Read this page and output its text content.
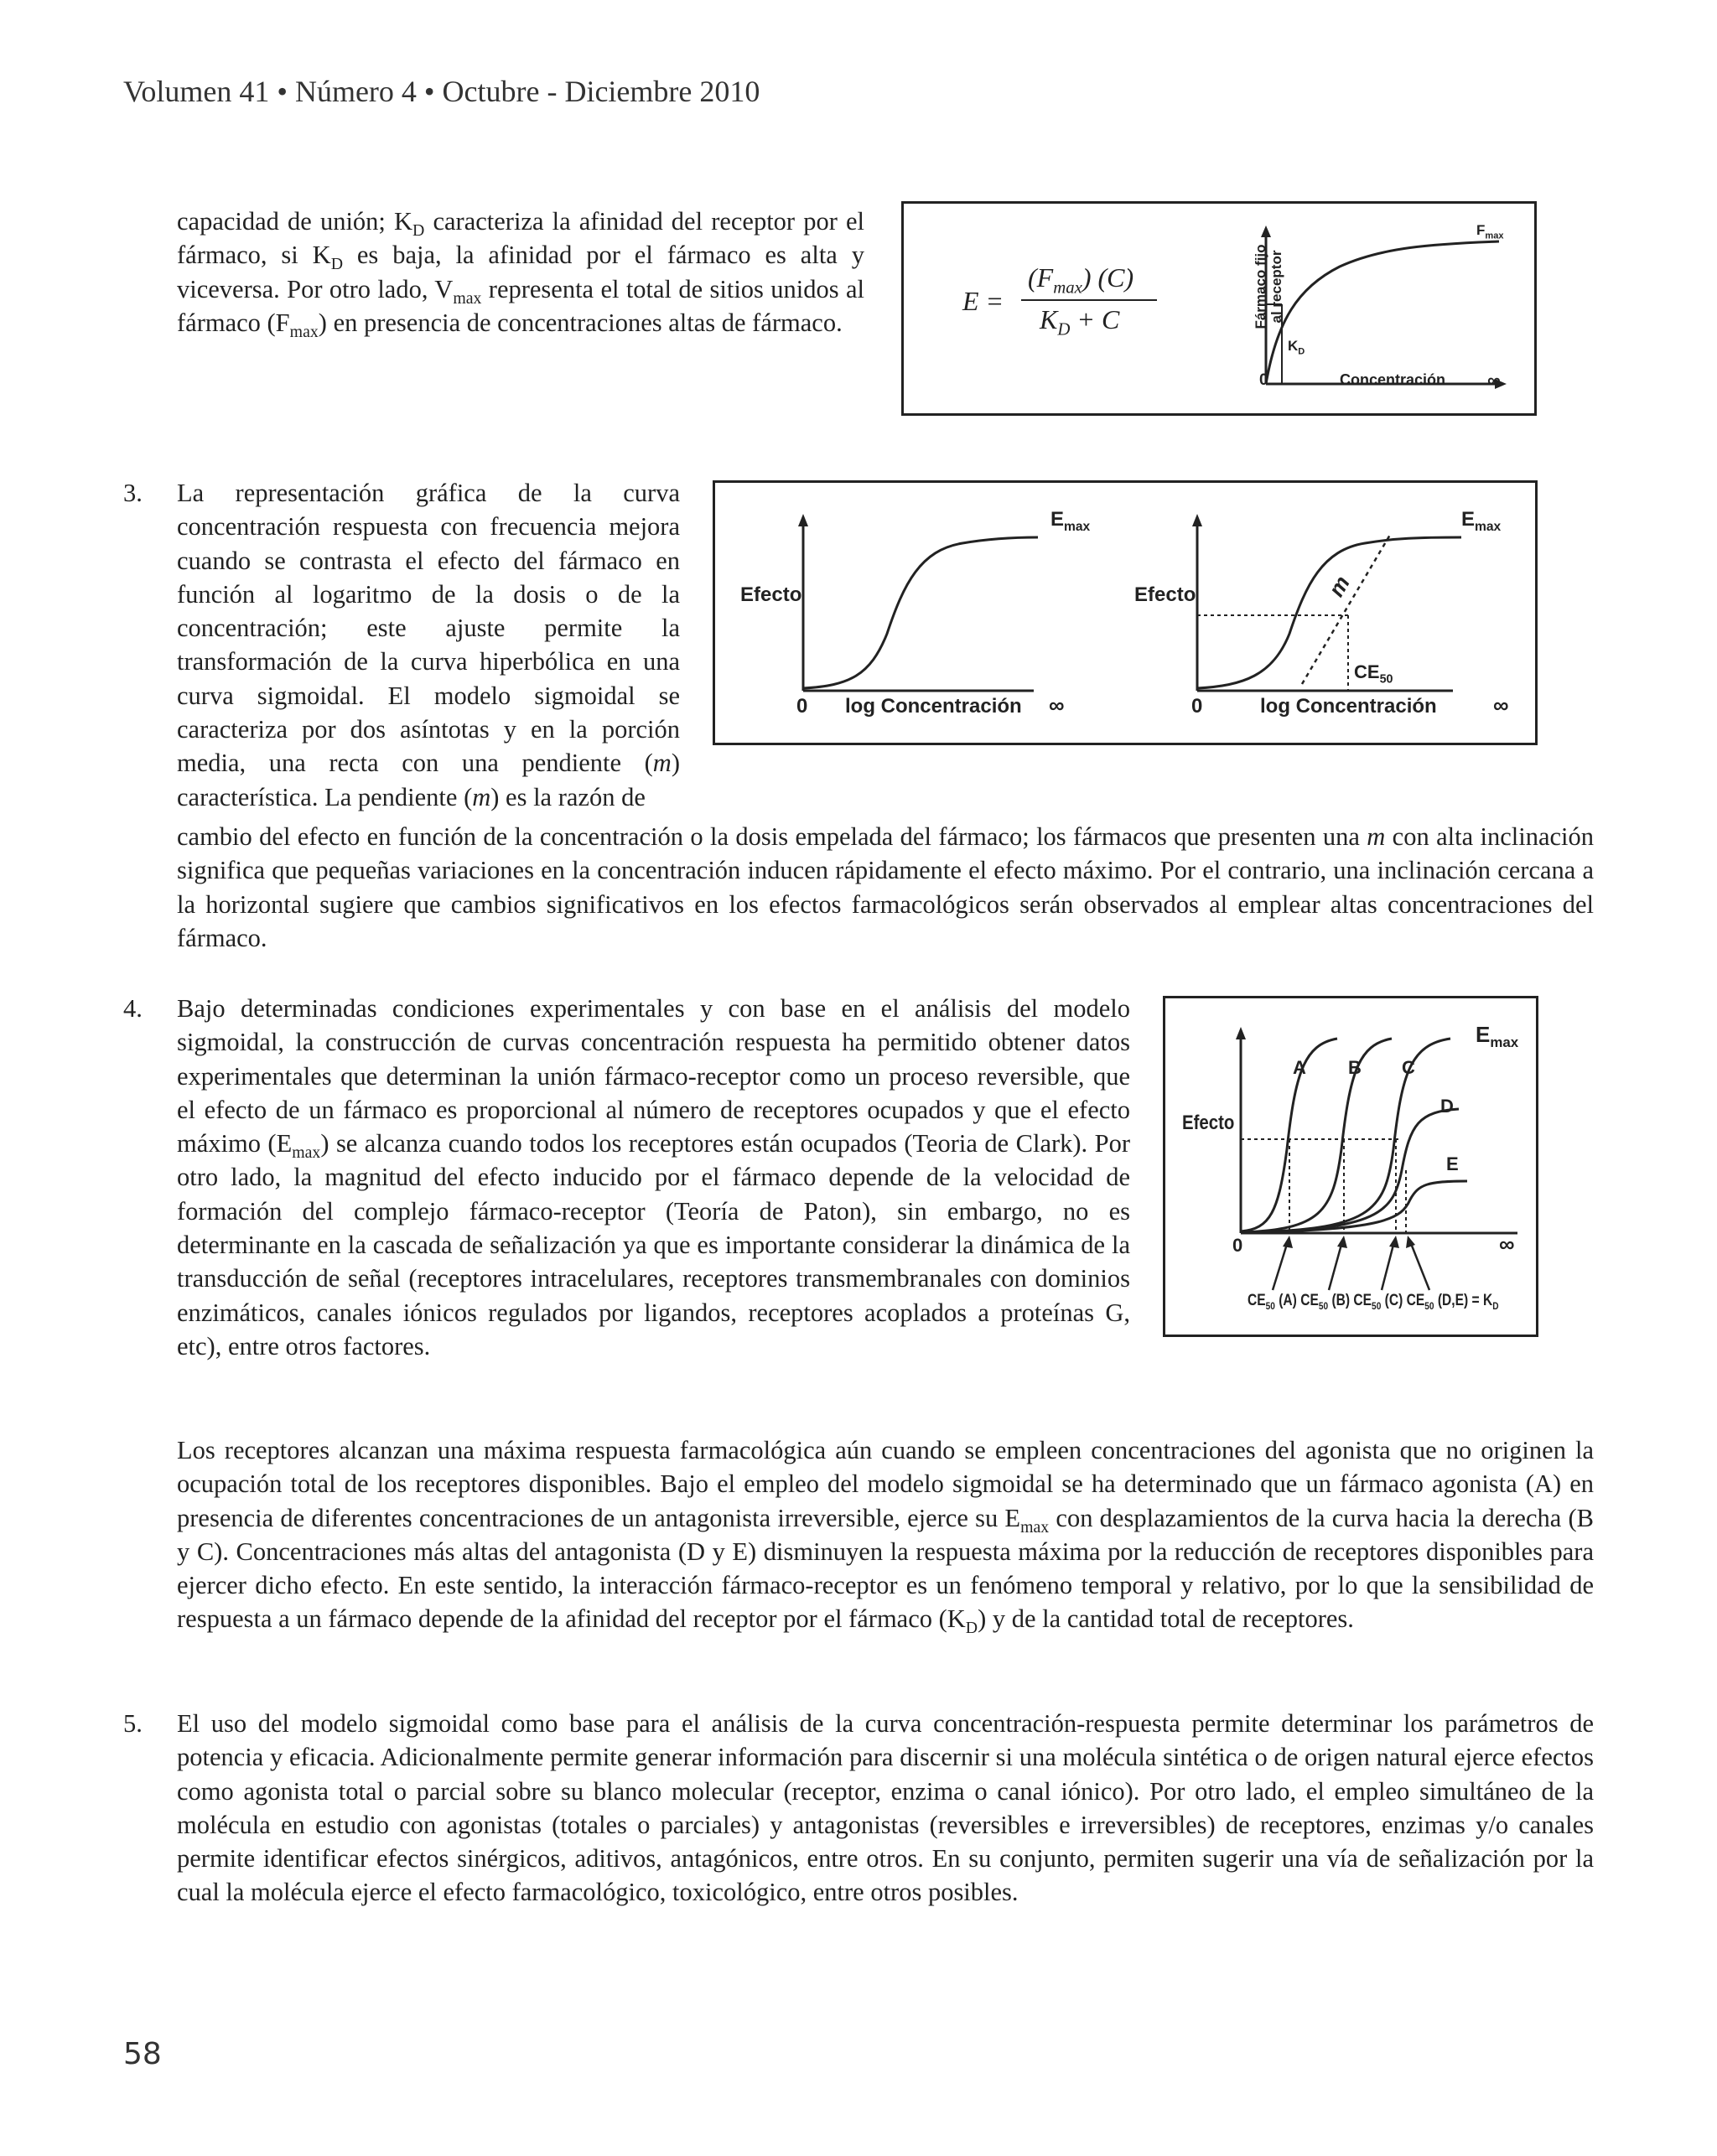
Volumen 41 • Número 4 • Octubre - Diciembre 2010
capacidad de unión; $K_D$ caracteriza la afinidad del receptor por el fármaco, si $K_D$ es baja, la afinidad por el fármaco es alta y viceversa. Por otro lado, $V_{max}$ representa el total de sitios unidos al fármaco $(F_{max})$ en presencia de concentraciones altas de fármaco.
E =
$(F_{max})$ (C)
$K_D + C$	Fármaco fijo al receptor
$F_{max}$
$K_D$
0	Concentración ∞
3. La representación gráfica de la curva concentración respuesta con frecuencia mejora cuando se contrasta el efecto del fármaco en función al logaritmo de la dosis o de la concentración; este ajuste permite la transformación de la curva hiperbólica en una curva sigmoidal. El modelo sigmoidal se caracteriza por dos asíntotas y en la porción media, una recta con una pendiente (m) característica. La pendiente (m) es la razón de
cambio del efecto en función de la concentración o la dosis empelada del fármaco; los fármacos que presenten una m con alta inclinación significa que pequeñas variaciones en la concentración inducen rápidamente el efecto máximo. Por el contrario, una inclinación cercana a la horizontal sugiere que cambios significativos en los efectos farmacológicos serán observados al emplear altas concentraciones del fármaco.
Efecto
$E_{max}$
0 log Concentración ∞
Efecto
$E_{max}$
m
$CE_{50}$
0	log Concentración	∞
4. Bajo determinadas condiciones experimentales y con base en el análisis del modelo sigmoidal, la construcción de curvas concentración respuesta ha permitido obtener datos experimentales que determinan la unión fármaco-receptor como un proceso reversible, que el efecto de un fármaco es proporcional al número de receptores ocupados y que el efecto máximo $(E_{max})$ se alcanza cuando todos los receptores están ocupados (Teoria de Clark). Por otro lado, la magnitud del efecto inducido por el fármaco depende de la velocidad de formación del complejo fármaco-receptor (Teoría de Paton), sin embargo, no es determinante en la cascada de señalización ya que es importante considerar la dinámica de la transducción de señal (receptores intracelulares, receptores transmembranales con dominios enzimáticos, canales iónicos regulados por ligandos, receptores acoplados a proteínas G, etc), entre otros factores.
Efecto
$E_{max}$
A B C
D
E
0	∞
$CE_{50}$ (A) $CE_{50}$ (B) $CE_{50}$ (C) $CE_{50}$ $(D,E) = K_D$
Los receptores alcanzan una máxima respuesta farmacológica aún cuando se empleen concentraciones del agonista que no originen la ocupación total de los receptores disponibles. Bajo el empleo del modelo sigmoidal se ha determinado que un fármaco agonista (A) en presencia de diferentes concentraciones de un antagonista irreversible, ejerce su $E_{max}$ con desplazamientos de la curva hacia la derecha (B y C). Concentraciones más altas del antagonista (D y E) disminuyen la respuesta máxima por la reducción de receptores disponibles para ejercer dicho efecto. En este sentido, la interacción fármaco-receptor es un fenómeno temporal y relativo, por lo que la sensibilidad de respuesta a un fármaco depende de la afinidad del receptor por el fármaco $(K_D)$ y de la cantidad total de receptores.
5. El uso del modelo sigmoidal como base para el análisis de la curva concentración-respuesta permite determinar los parámetros de potencia y eficacia. Adicionalmente permite generar información para discernir si una molécula sintética o de origen natural ejerce efectos como agonista total o parcial sobre su blanco molecular (receptor, enzima o canal iónico). Por otro lado, el empleo simultáneo de la molécula en estudio con agonistas (totales o parciales) y antagonistas (reversibles e irreversibles) de receptores, enzimas y/o canales permite identificar efectos sinérgicos, aditivos, antagónicos, entre otros. En su conjunto, permiten sugerir una vía de señalización por la cual la molécula ejerce el efecto farmacológico, toxicológico, entre otros posibles.
58
